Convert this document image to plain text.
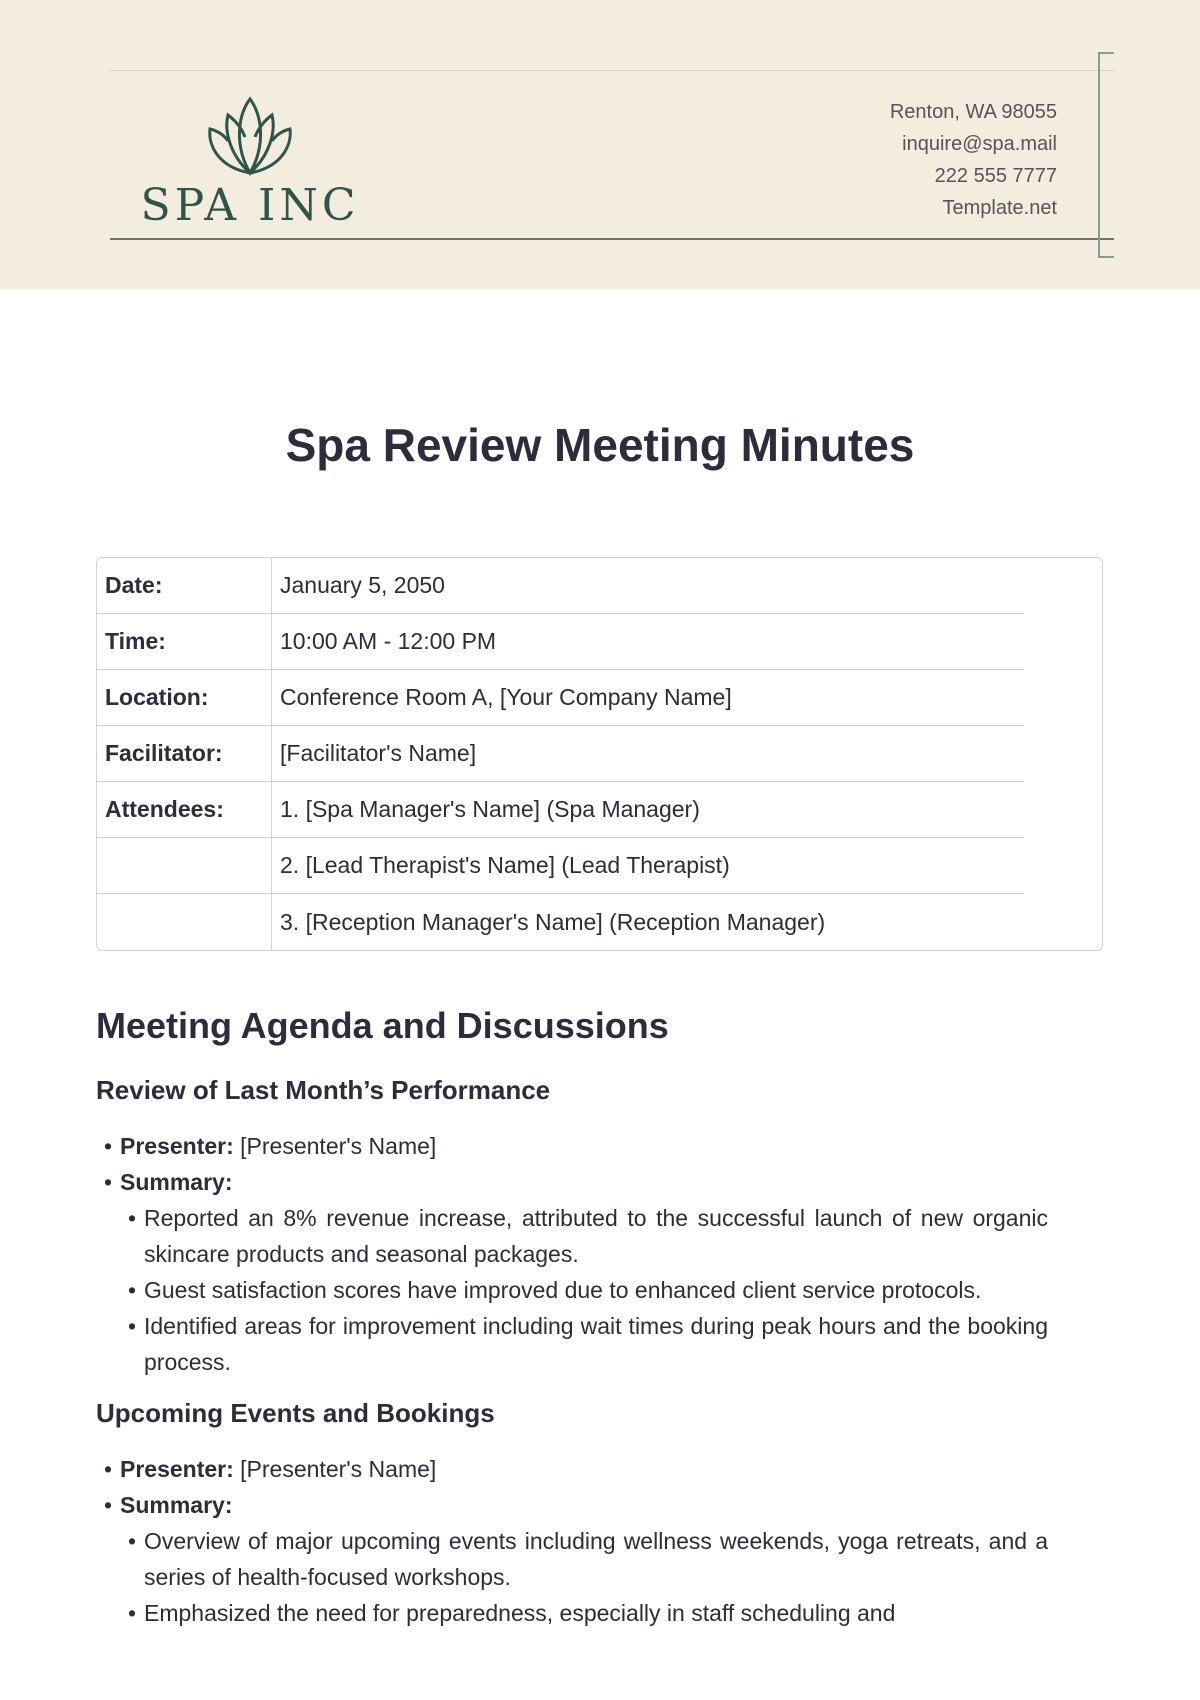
SPA INC
Renton, WA 98055
inquire@spa.mail
222 555 7777
Template.net
Spa Review Meeting Minutes
Date:	January 5, 2050	
Time:	10:00 AM - 12:00 PM	
Location:	Conference Room A, [Your Company Name]	
Facilitator:	[Facilitator's Name]	
Attendees:	1. [Spa Manager's Name] (Spa Manager)	
	2. [Lead Therapist's Name] (Lead Therapist)	
	3. [Reception Manager's Name] (Reception Manager)	
Meeting Agenda and Discussions
Review of Last Month’s Performance
• Presenter: [Presenter's Name]
• Summary:
• Reported an 8% revenue increase, attributed to the successful launch of new organic skincare products and seasonal packages.
• Guest satisfaction scores have improved due to enhanced client service protocols.
• Identified areas for improvement including wait times during peak hours and the booking process.
Upcoming Events and Bookings
• Presenter: [Presenter's Name]
• Summary:
• Overview of major upcoming events including wellness weekends, yoga retreats, and a series of health-focused workshops.
• Emphasized the need for preparedness, especially in staff scheduling and
